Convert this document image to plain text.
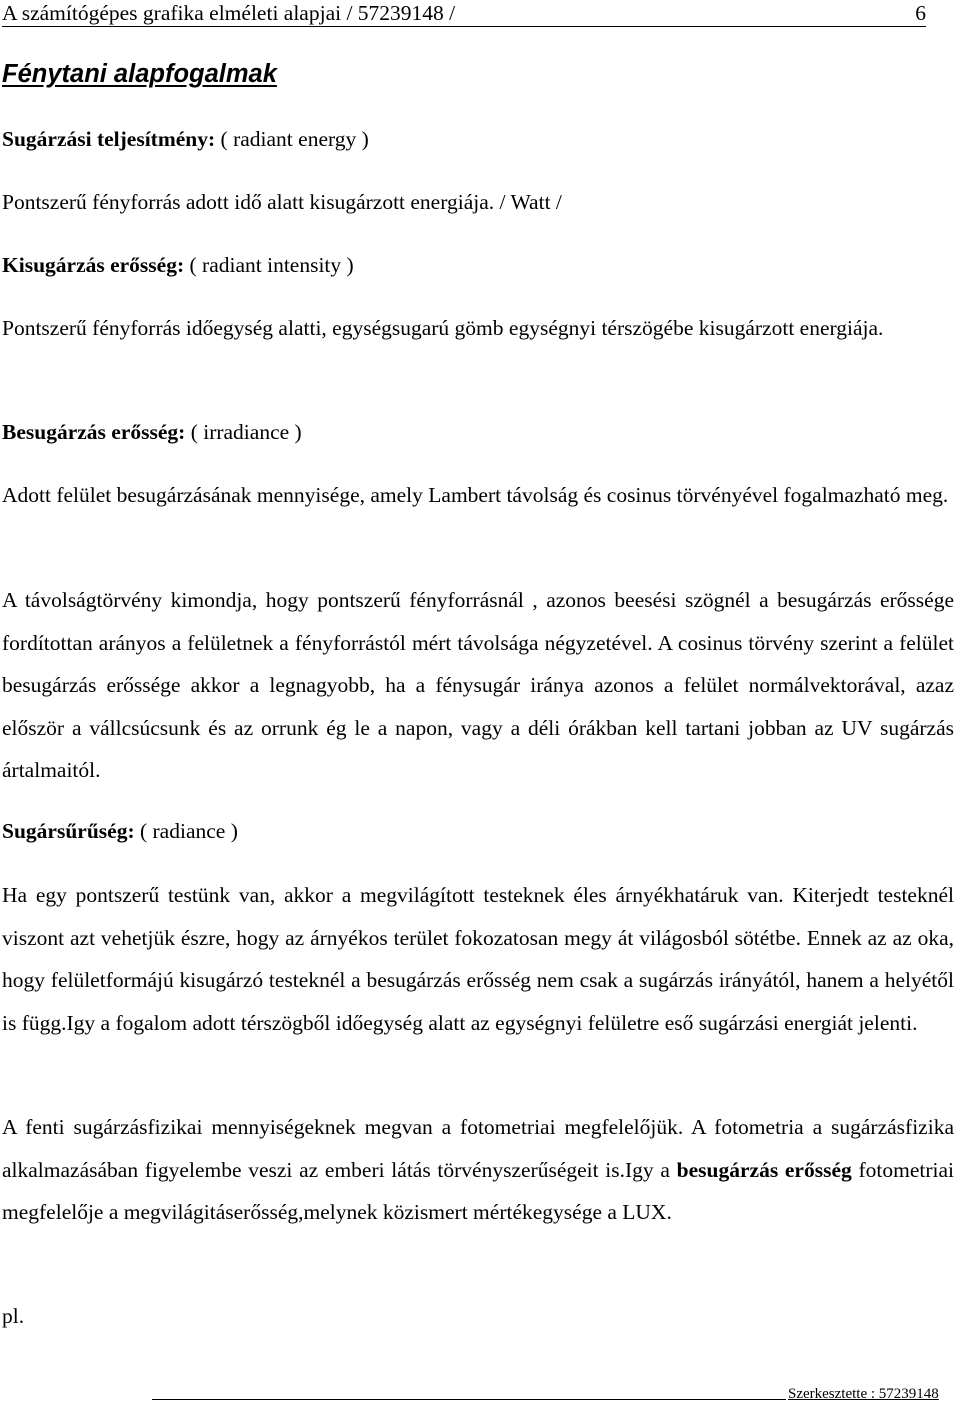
A számítógépes grafika elméleti alapjai / 57239148 /	6
Fénytani alapfogalmak
Sugárzási teljesítmény: ( radiant energy )
Pontszerű fényforrás adott idő alatt kisugárzott energiája. / Watt /
Kisugárzás erősség: ( radiant intensity )
Pontszerű fényforrás időegység alatti, egységsugarú gömb egységnyi térszögébe kisugárzott energiája.
Besugárzás erősség: ( irradiance )
Adott felület besugárzásának mennyisége, amely Lambert távolság és cosinus törvényével fogalmazható meg.
A távolságtörvény kimondja, hogy pontszerű fényforrásnál , azonos beesési szögnél a besugárzás erőssége fordítottan arányos a felületnek a fényforrástól mért távolsága négyzetével. A cosinus törvény szerint a felület besugárzás erőssége akkor a legnagyobb, ha a fénysugár iránya azonos a felület normálvektorával, azaz először a vállcsúcsunk és az orrunk ég le a napon, vagy a déli órákban kell tartani jobban az UV sugárzás ártalmaitól.
Sugársűrűség: ( radiance )
Ha egy pontszerű testünk van, akkor a megvilágított testeknek éles árnyékhatáruk van. Kiterjedt testeknél viszont azt vehetjük észre, hogy az árnyékos terület fokozatosan megy át világosból sötétbe. Ennek az az oka, hogy felületformájú kisugárzó testeknél a besugárzás erősség nem csak a sugárzás irányától, hanem a helyétől is függ.Igy a fogalom adott térszögből időegység alatt az egységnyi felületre eső sugárzási energiát jelenti.
A fenti sugárzásfizikai mennyiségeknek megvan a fotometriai megfelelőjük. A fotometria a sugárzásfizika alkalmazásában figyelembe veszi az emberi látás törvényszerűségeit is.Igy a besugárzás erősség fotometriai megfelelője a megvilágitáserősség,melynek közismert mértékegysége a LUX.
pl.
Szerkesztette : 57239148
